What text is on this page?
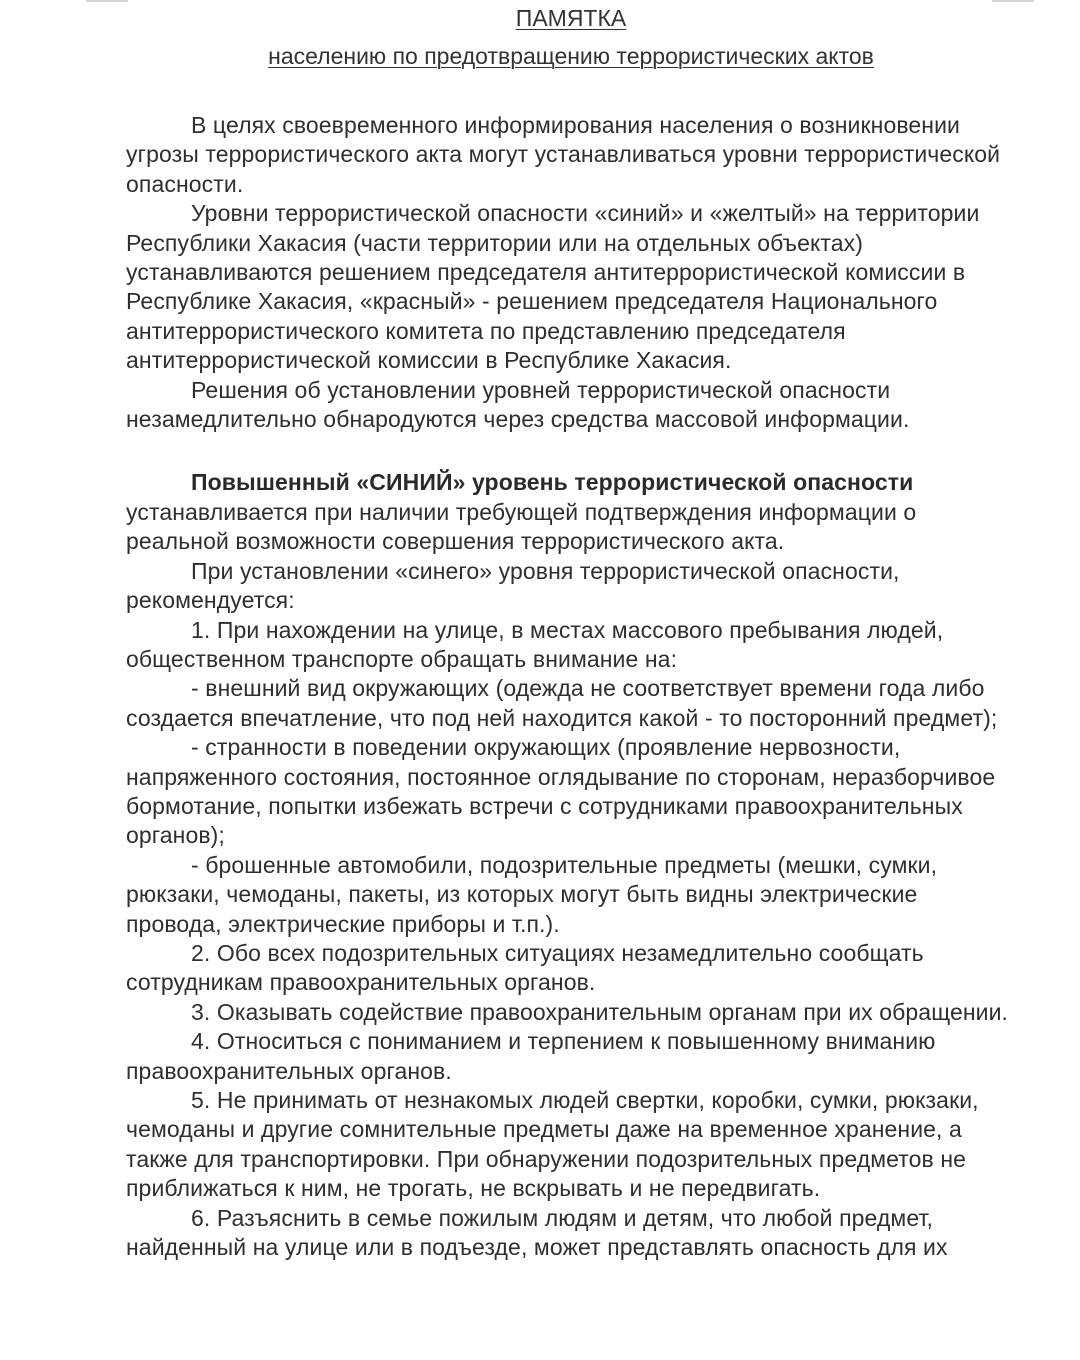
ПАМЯТКА
населению по предотвращению террористических актов

В целях своевременного информирования населения о возникновении угрозы террористического акта могут устанавливаться уровни террористической опасности.

Уровни террористической опасности «синий» и «желтый» на территории Республики Хакасия (части территории или на отдельных объектах) устанавливаются решением председателя антитеррористической комиссии в Республике Хакасия, «красный» - решением председателя Национального антитеррористического комитета по представлению председателя антитеррористической комиссии в Республике Хакасия.

Решения об установлении уровней террористической опасности незамедлительно обнародуются через средства массовой информации.

Повышенный «СИНИЙ» уровень террористической опасности устанавливается при наличии требующей подтверждения информации о реальной возможности совершения террористического акта.

При установлении «синего» уровня террористической опасности, рекомендуется:

1. При нахождении на улице, в местах массового пребывания людей, общественном транспорте обращать внимание на:

- внешний вид окружающих (одежда не соответствует времени года либо создается впечатление, что под ней находится какой - то посторонний предмет);

- странности в поведении окружающих (проявление нервозности, напряженного состояния, постоянное оглядывание по сторонам, неразборчивое бормотание, попытки избежать встречи с сотрудниками правоохранительных органов);

- брошенные автомобили, подозрительные предметы (мешки, сумки, рюкзаки, чемоданы, пакеты, из которых могут быть видны электрические провода, электрические приборы и т.п.).

2. Обо всех подозрительных ситуациях незамедлительно сообщать сотрудникам правоохранительных органов.

3. Оказывать содействие правоохранительным органам при их обращении.

4. Относиться с пониманием и терпением к повышенному вниманию правоохранительных органов.

5. Не принимать от незнакомых людей свертки, коробки, сумки, рюкзаки, чемоданы и другие сомнительные предметы даже на временное хранение, а также для транспортировки. При обнаружении подозрительных предметов не приближаться к ним, не трогать, не вскрывать и не передвигать.

6. Разъяснить в семье пожилым людям и детям, что любой предмет, найденный на улице или в подъезде, может представлять опасность для их
